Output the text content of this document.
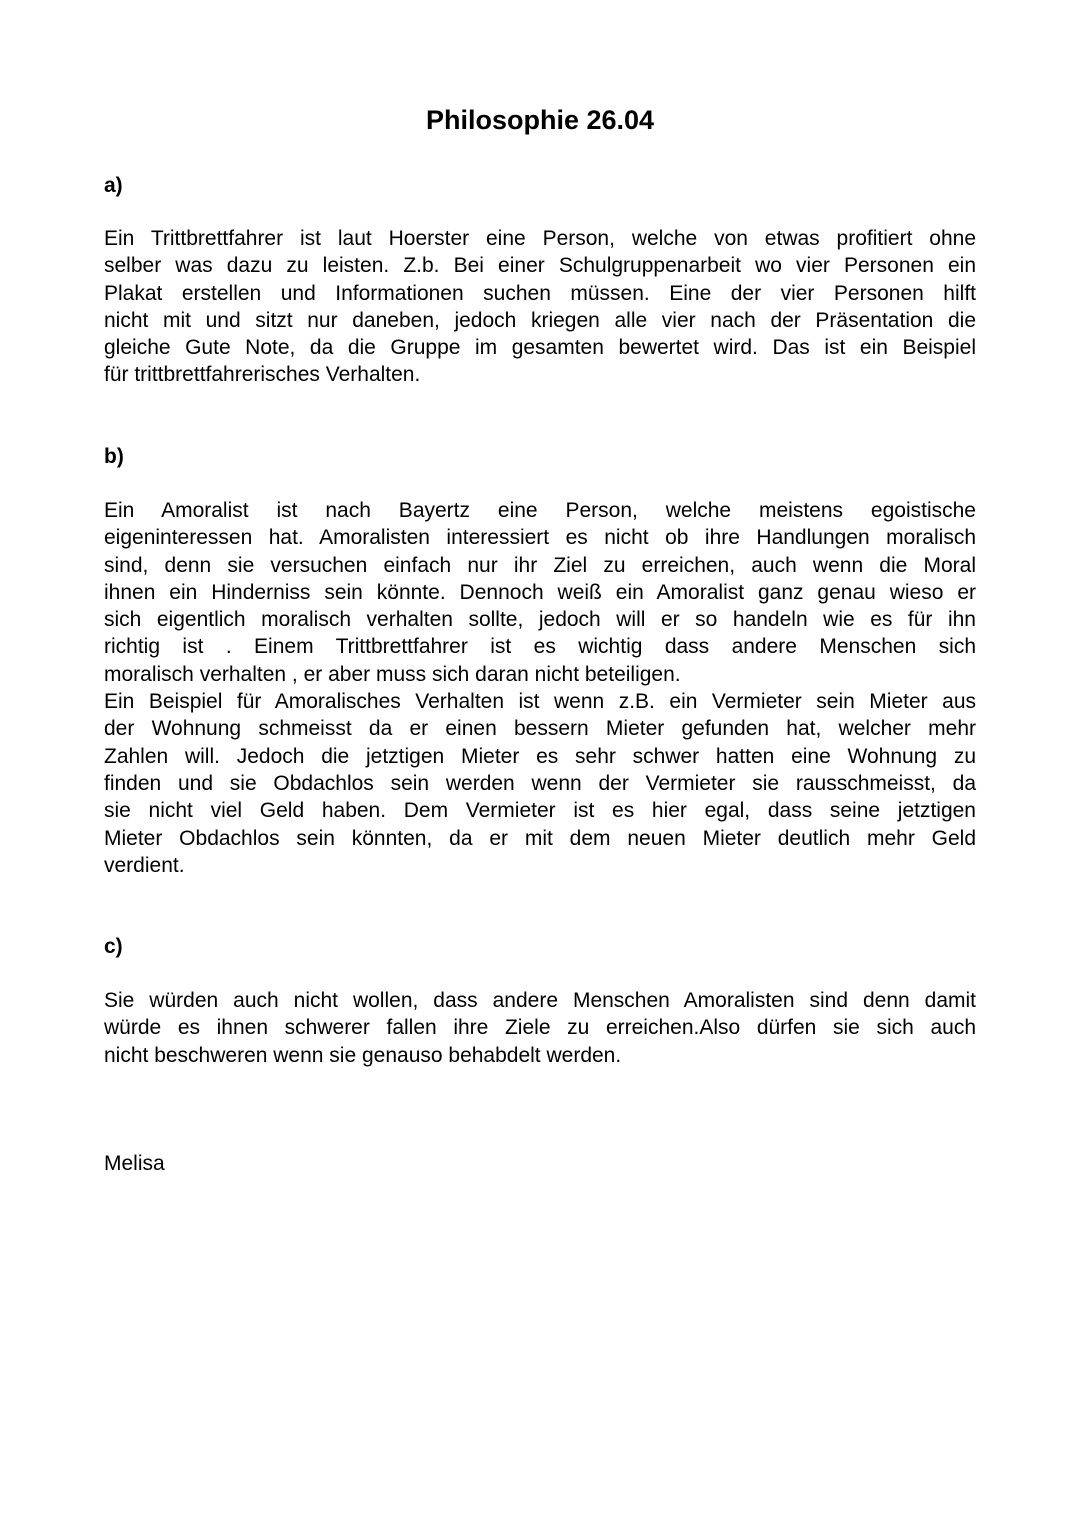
Philosophie 26.04
a)
Ein Trittbrettfahrer ist laut Hoerster eine Person, welche von etwas profitiert ohne
selber was dazu zu leisten. Z.b. Bei einer Schulgruppenarbeit wo vier Personen ein
Plakat erstellen und Informationen suchen müssen. Eine der vier Personen hilft
nicht mit und sitzt nur daneben, jedoch kriegen alle vier nach der Präsentation die
gleiche Gute Note, da die Gruppe im gesamten bewertet wird. Das ist ein Beispiel
für trittbrettfahrerisches Verhalten.
b)
Ein Amoralist ist nach Bayertz eine Person, welche meistens egoistische
eigeninteressen hat. Amoralisten interessiert es nicht ob ihre Handlungen moralisch
sind, denn sie versuchen einfach nur ihr Ziel zu erreichen, auch wenn die Moral
ihnen ein Hinderniss sein könnte. Dennoch weiß ein Amoralist ganz genau wieso er
sich eigentlich moralisch verhalten sollte, jedoch will er so handeln wie es für ihn
richtig ist . Einem Trittbrettfahrer ist es wichtig dass andere Menschen sich
moralisch verhalten , er aber muss sich daran nicht beteiligen.
Ein Beispiel für Amoralisches Verhalten ist wenn z.B. ein Vermieter sein Mieter aus
der Wohnung schmeisst da er einen bessern Mieter gefunden hat, welcher mehr
Zahlen will. Jedoch die jetztigen Mieter es sehr schwer hatten eine Wohnung zu
finden und sie Obdachlos sein werden wenn der Vermieter sie rausschmeisst, da
sie nicht viel Geld haben. Dem Vermieter ist es hier egal, dass seine jetztigen
Mieter Obdachlos sein könnten, da er mit dem neuen Mieter deutlich mehr Geld
verdient.
c)
Sie würden auch nicht wollen, dass andere Menschen Amoralisten sind denn damit
würde es ihnen schwerer fallen ihre Ziele zu erreichen.Also dürfen sie sich auch
nicht beschweren wenn sie genauso behabdelt werden.
Melisa
